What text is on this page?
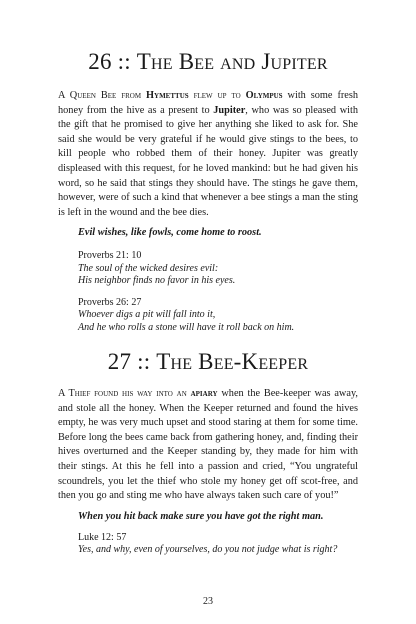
26 :: The Bee and Jupiter

A Queen Bee from Hymettus flew up to Olympus with some fresh honey from the hive as a present to Jupiter, who was so pleased with the gift that he promised to give her anything she liked to ask for. She said she would be very grateful if he would give stings to the bees, to kill people who robbed them of their honey. Jupiter was greatly displeased with this request, for he loved mankind: but he had given his word, so he said that stings they should have. The stings he gave them, however, were of such a kind that whenever a bee stings a man the sting is left in the wound and the bee dies.

Evil wishes, like fowls, come home to roost.

Proverbs 21: 10
The soul of the wicked desires evil:
His neighbor finds no favor in his eyes.
Proverbs 26: 27
Whoever digs a pit will fall into it,
And he who rolls a stone will have it roll back on him.
27 :: The Bee-Keeper

A Thief found his way into an apiary when the Bee-keeper was away, and stole all the honey. When the Keeper returned and found the hives empty, he was very much upset and stood staring at them for some time. Before long the bees came back from gathering honey, and, finding their hives overturned and the Keeper standing by, they made for him with their stings. At this he fell into a passion and cried, “You ungrateful scoundrels, you let the thief who stole my honey get off scot-free, and then you go and sting me who have always taken such care of you!”

When you hit back make sure you have got the right man.

Luke 12: 57
Yes, and why, even of yourselves, do you not judge what is right?
23
